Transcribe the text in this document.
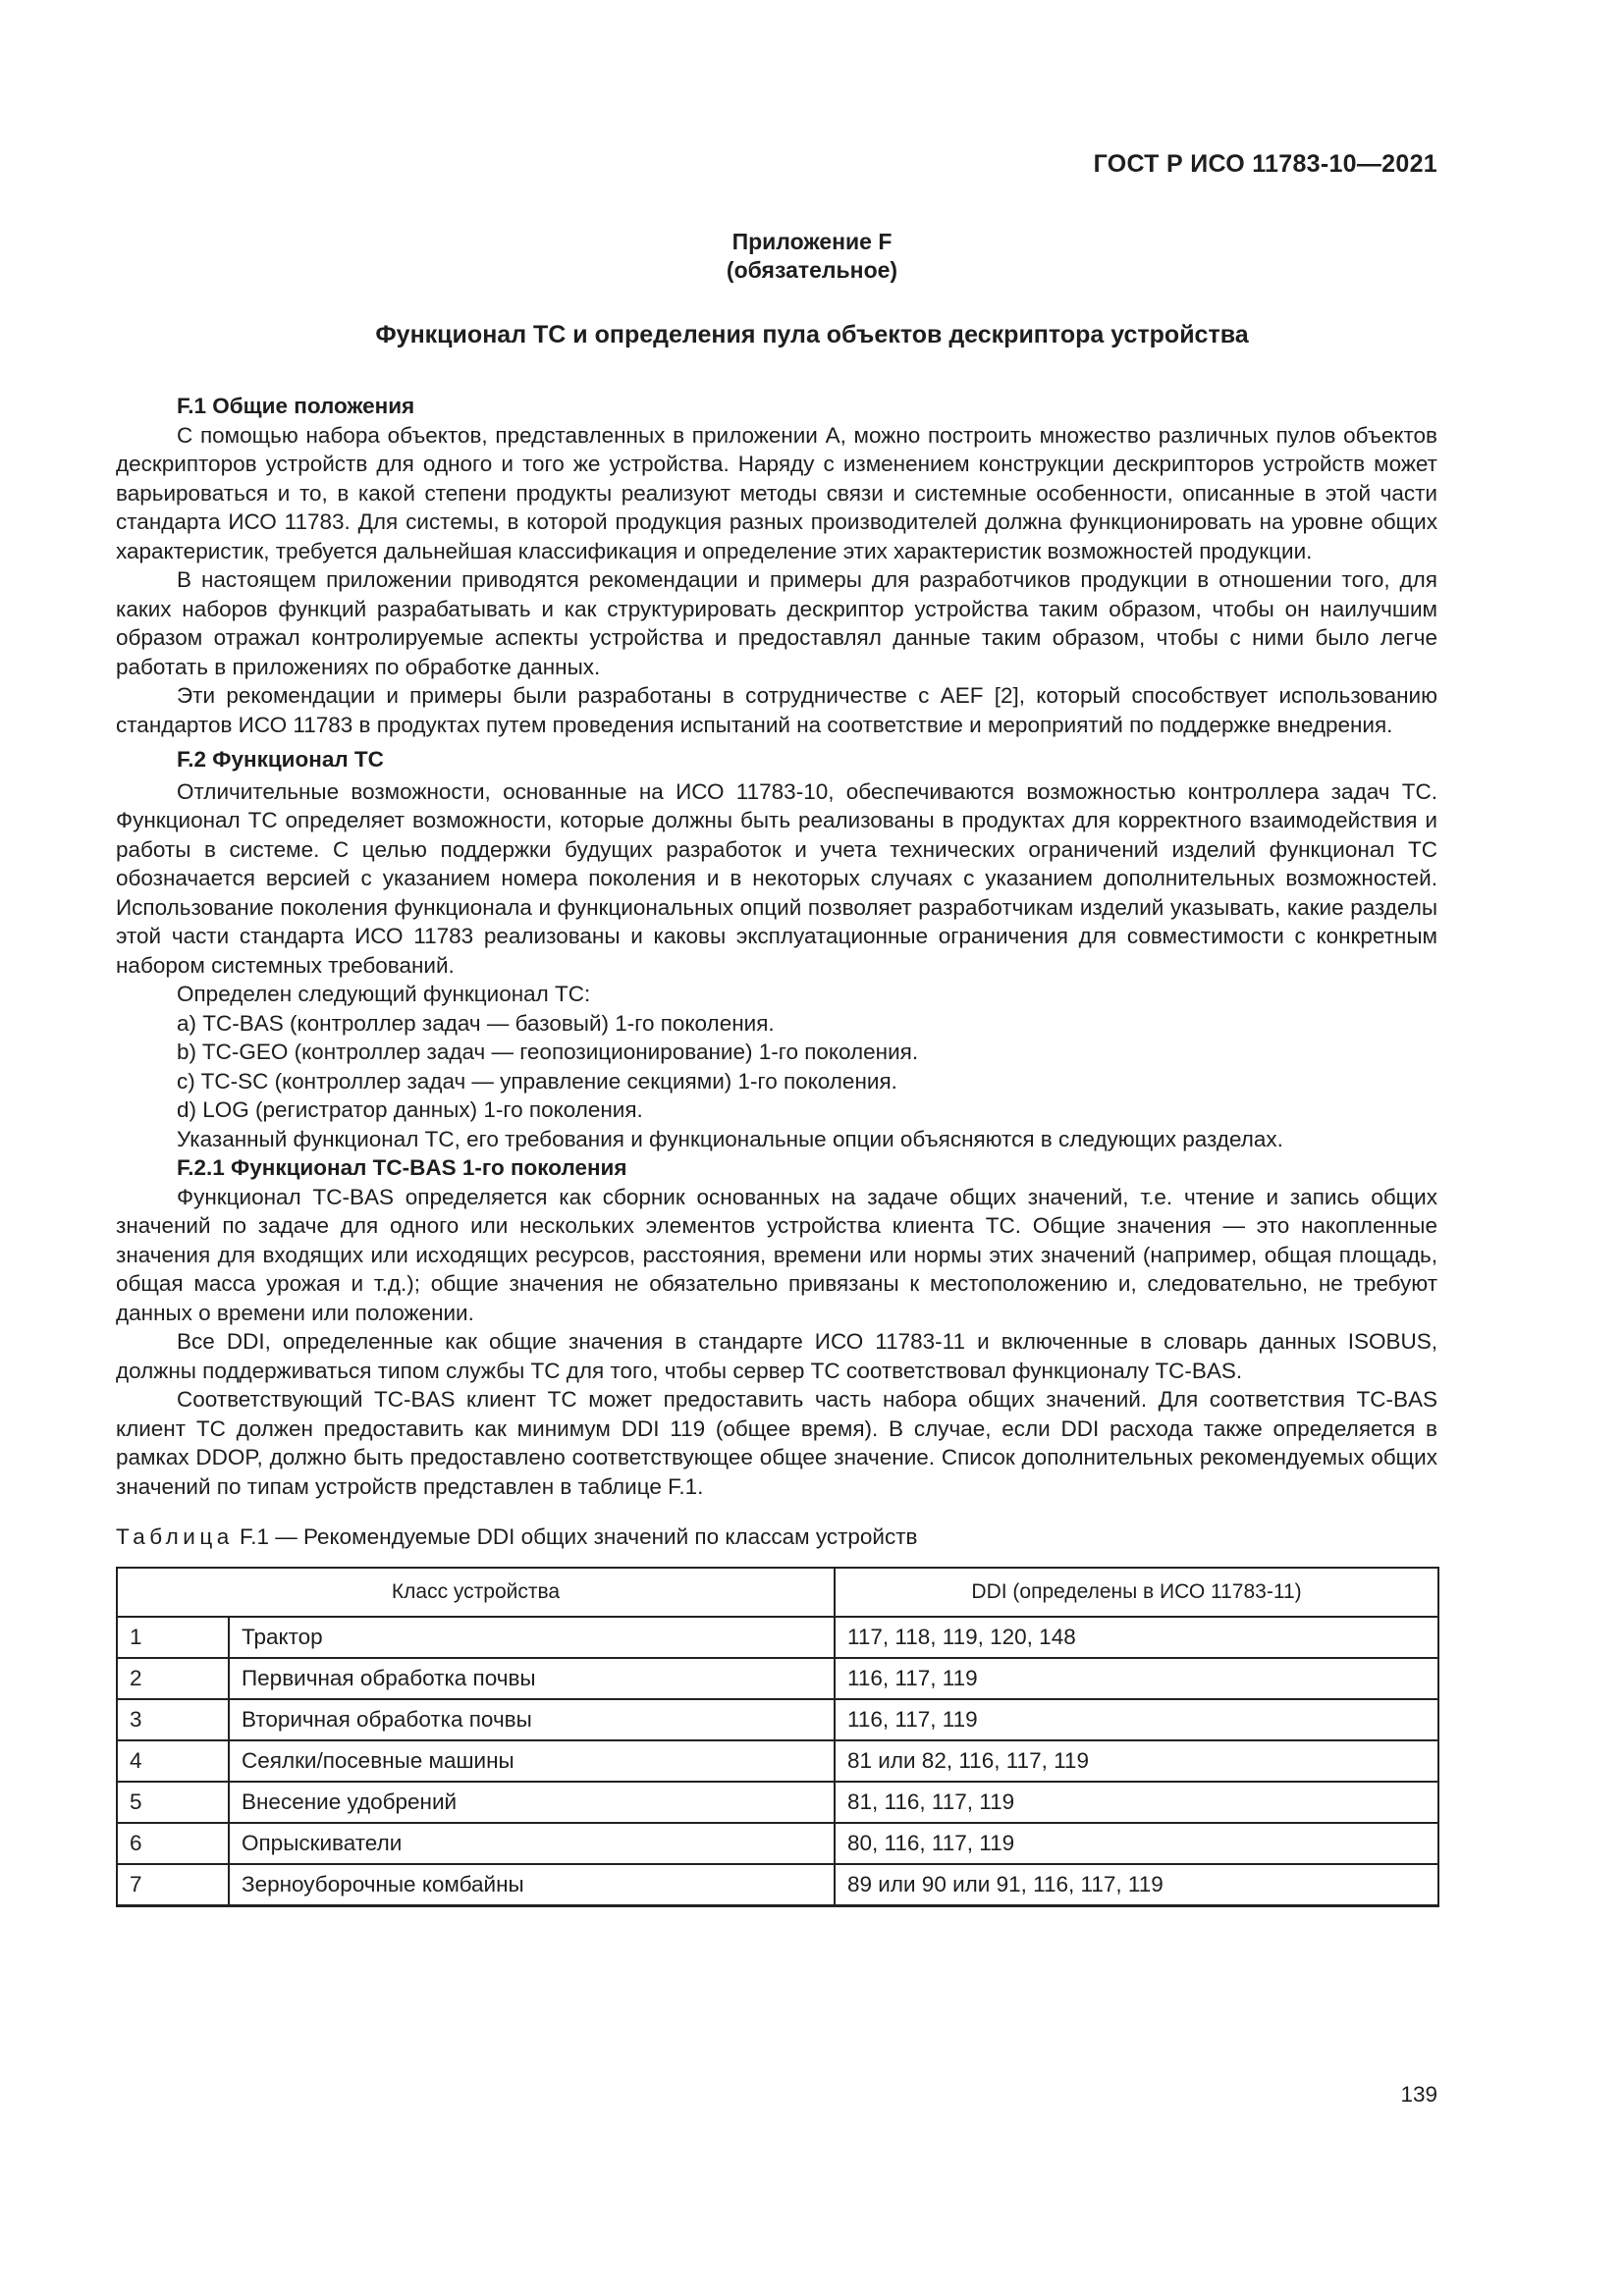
ГОСТ Р ИСО 11783-10—2021
Приложение F
(обязательное)
Функционал ТС и определения пула объектов дескриптора устройства

F.1 Общие положения

С помощью набора объектов, представленных в приложении А, можно построить множество различных пулов объектов дескрипторов устройств для одного и того же устройства. Наряду с изменением конструкции дескрипторов устройств может варьироваться и то, в какой степени продукты реализуют методы связи и системные особенности, описанные в этой части стандарта ИСО 11783. Для системы, в которой продукция разных производителей должна функционировать на уровне общих характеристик, требуется дальнейшая классификация и определение этих характеристик возможностей продукции.

В настоящем приложении приводятся рекомендации и примеры для разработчиков продукции в отношении того, для каких наборов функций разрабатывать и как структурировать дескриптор устройства таким образом, чтобы он наилучшим образом отражал контролируемые аспекты устройства и предоставлял данные таким образом, чтобы с ними было легче работать в приложениях по обработке данных.

Эти рекомендации и примеры были разработаны в сотрудничестве с AEF [2], который способствует использованию стандартов ИСО 11783 в продуктах путем проведения испытаний на соответствие и мероприятий по поддержке внедрения.

F.2 Функционал ТС

Отличительные возможности, основанные на ИСО 11783-10, обеспечиваются возможностью контроллера задач ТС. Функционал ТС определяет возможности, которые должны быть реализованы в продуктах для корректного взаимодействия и работы в системе. С целью поддержки будущих разработок и учета технических ограничений изделий функционал ТС обозначается версией с указанием номера поколения и в некоторых случаях с указанием дополнительных возможностей. Использование поколения функционала и функциональных опций позволяет разработчикам изделий указывать, какие разделы этой части стандарта ИСО 11783 реализованы и каковы эксплуатационные ограничения для совместимости с конкретным набором системных требований.

Определен следующий функционал ТС:

а) TC-BAS (контроллер задач — базовый) 1-го поколения.

b) TC-GEO (контроллер задач — геопозиционирование) 1-го поколения.

c) TC-SC (контроллер задач — управление секциями) 1-го поколения.

d) LOG (регистратор данных) 1-го поколения.

Указанный функционал ТС, его требования и функциональные опции объясняются в следующих разделах.

F.2.1 Функционал TC-BAS 1-го поколения

Функционал TC-BAS определяется как сборник основанных на задаче общих значений, т.е. чтение и запись общих значений по задаче для одного или нескольких элементов устройства клиента ТС. Общие значения — это накопленные значения для входящих или исходящих ресурсов, расстояния, времени или нормы этих значений (например, общая площадь, общая масса урожая и т.д.); общие значения не обязательно привязаны к местоположению и, следовательно, не требуют данных о времени или положении.

Все DDI, определенные как общие значения в стандарте ИСО 11783-11 и включенные в словарь данных ISOBUS, должны поддерживаться типом службы ТС для того, чтобы сервер ТС соответствовал функционалу TC-BAS.

Соответствующий TC-BAS клиент ТС может предоставить часть набора общих значений. Для соответствия TC-BAS клиент ТС должен предоставить как минимум DDI 119 (общее время). В случае, если DDI расхода также определяется в рамках DDOP, должно быть предоставлено соответствующее общее значение. Список дополнительных рекомендуемых общих значений по типам устройств представлен в таблице F.1.

Таблица F.1 — Рекомендуемые DDI общих значений по классам устройств
Класс устройства		DDI (определены в ИСО 11783-11)
1	Трактор	117, 118, 119, 120, 148
2	Первичная обработка почвы	116, 117, 119
3	Вторичная обработка почвы	116, 117, 119
4	Сеялки/посевные машины	81 или 82, 116, 117, 119
5	Внесение удобрений	81, 116, 117, 119
6	Опрыскиватели	80, 116, 117, 119
7	Зерноуборочные комбайны	89 или 90 или 91, 116, 117, 119
139
